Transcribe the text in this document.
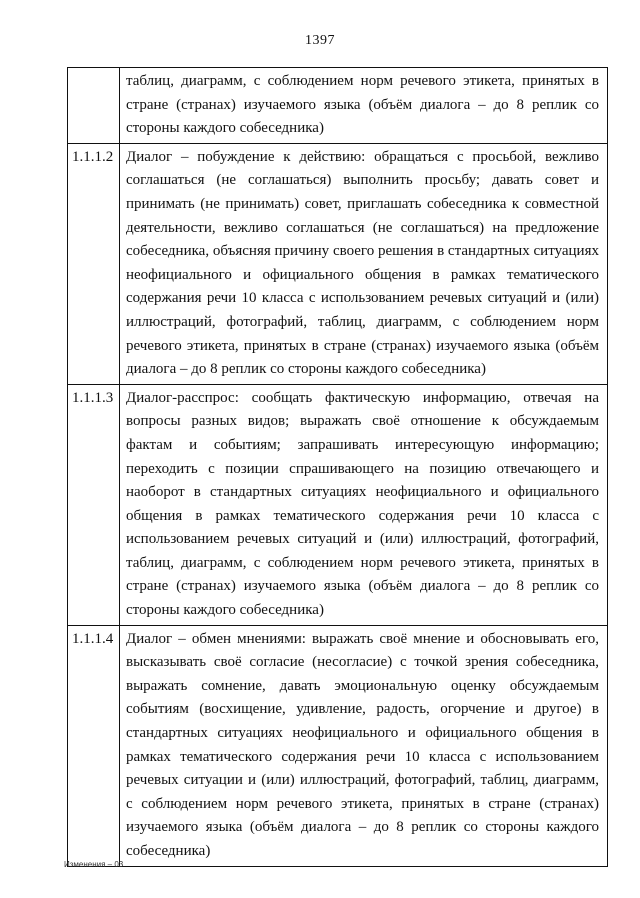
1397

	таблиц, диаграмм, с соблюдением норм речевого этикета, принятых в стране (странах) изучаемого языка (объём диалога – до 8 реплик со стороны каждого собеседника)

1.1.1.2	Диалог – побуждение к действию: обращаться с просьбой, вежливо соглашаться (не соглашаться) выполнить просьбу; давать совет и принимать (не принимать) совет, приглашать собеседника к совместной деятельности, вежливо соглашаться (не соглашаться) на предложение собеседника, объясняя причину своего решения в стандартных ситуациях неофициального и официального общения в рамках тематического содержания речи 10 класса с использованием речевых ситуаций и (или) иллюстраций, фотографий, таблиц, диаграмм, с соблюдением норм речевого этикета, принятых в стране (странах) изучаемого языка (объём диалога – до 8 реплик со стороны каждого собеседника)

1.1.1.3	Диалог-расспрос: сообщать фактическую информацию, отвечая на вопросы разных видов; выражать своё отношение к обсуждаемым фактам и событиям; запрашивать интересующую информацию; переходить с позиции спрашивающего на позицию отвечающего и наоборот в стандартных ситуациях неофициального и официального общения в рамках тематического содержания речи 10 класса с использованием речевых ситуаций и (или) иллюстраций, фотографий, таблиц, диаграмм, с соблюдением норм речевого этикета, принятых в стране (странах) изучаемого языка (объём диалога – до 8 реплик со стороны каждого собеседника)

1.1.1.4	Диалог – обмен мнениями: выражать своё мнение и обосновывать его, высказывать своё согласие (несогласие) с точкой зрения собеседника, выражать сомнение, давать эмоциональную оценку обсуждаемым событиям (восхищение, удивление, радость, огорчение и другое) в стандартных ситуациях неофициального и официального общения в рамках тематического содержания речи 10 класса с использованием речевых ситуации и (или) иллюстраций, фотографий, таблиц, диаграмм, с соблюдением норм речевого этикета, принятых в стране (странах) изучаемого языка (объём диалога – до 8 реплик со стороны каждого собеседника)

Изменения – 03
